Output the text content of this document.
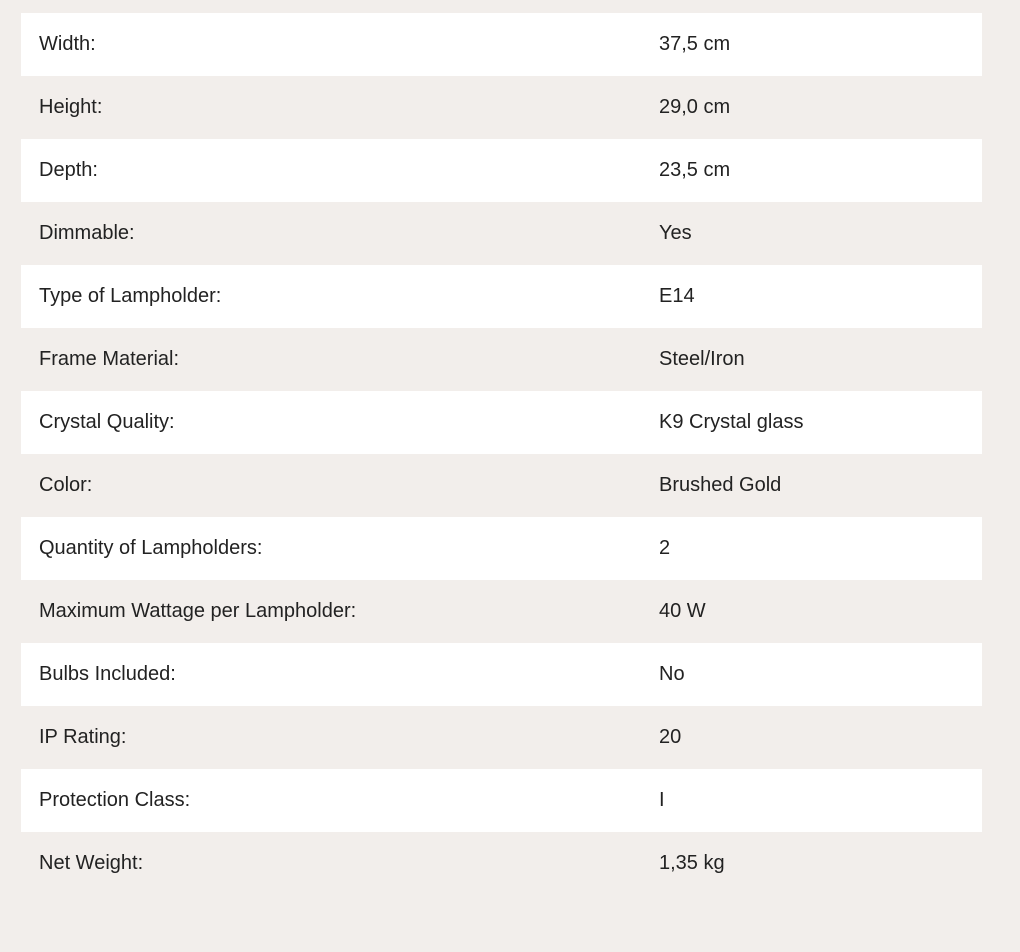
Width:	37,5 cm
Height:	29,0 cm
Depth:	23,5 cm
Dimmable:	Yes
Type of Lampholder:	E14
Frame Material:	Steel/Iron
Crystal Quality:	K9 Crystal glass
Color:	Brushed Gold
Quantity of Lampholders:	2
Maximum Wattage per Lampholder:	40 W
Bulbs Included:	No
IP Rating:	20
Protection Class:	I
Net Weight:	1,35 kg
